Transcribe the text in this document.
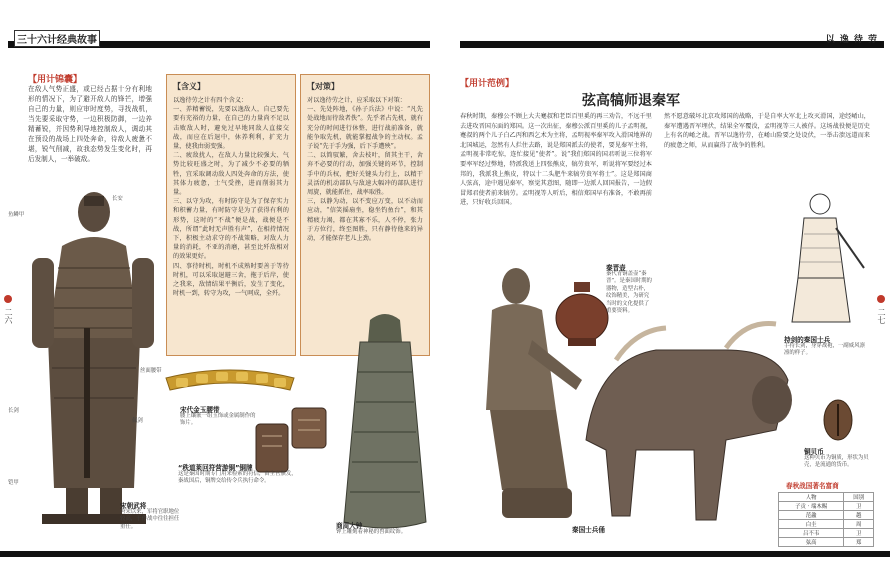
三十六计经典故事	以 逸 待 劳
二六	二七
【用计锦囊】
在敌人气势正盛，或已经占据十分有利地形的情况下，为了避开敌人的锋芒，增强自己的力量，则应审时度势，寻找战机，当先要采取守势，一边积极防御，一边养精蓄锐，并因势利导地控制敌人，调动其在预设的战场上四处奔命，待敌人疲惫不堪，锐气削减，故我态势发生变化时，再后发制人，一举破敌。
长安
鱼鳞甲
丝面腰带
长剑
佩剑
铠甲
【含义】
以逸待劳之计有四个含义：
一、养精蓄锐，先要以逸敌人，自己要先要有充裕的力量，在自己的力量尚不足以击败敌人时，避免过早地同敌人直接交战，而应在后退中，休养利利，扩充力量，使我由弱变强。
二、疲敌扰人，在敌人力量比较强大、气势比较旺盛之时，为了减少不必要的牺牲，宜采取调动敌人四处奔命的方法，使其体力疲惫，士气受挫，进而削弱其力量。
三、以守为攻，有时防守是为了保存实力和积蓄力量，有时防守是为了获得有利的形势，这时的“不战”便是战，战便是不战，所谓“此时无声胜有声”，在相持情况下，积极主动求守的不战策略，对敌人力量的消耗，不亚的消磨，甚至比歼敌相对的效果更好。
四、事待时机，时机不成熟时要善于等待时机，可以采取退避三舍，拖于后岸，使之我来，敌情结果平衡后，发生了变化，时机一到，转守为攻，一气呵成，全歼。
【对策】
对以逸待劳之计，应采取以下对策：
一、先处阵地，《孙子兵法》中说：“凡先处战地而待敌者佚”。先乎者占先机，就有充分的时间进行休整，进行战前准备，就能争取先机，就能掌握战争的主动权。孟子说“先于手为强，后下手遭殃”。
二、以简驭繁，舍去枝叶，留其主干，舍弃不必要的行动，加强关键的环节，控制手中的兵权，把好关键头力行上，以精干灵活的机动部队与敌速大幅冲的部队进行周旋，就能抓住，战率取胜。
三，以静为动，以不变应万变，以不动而应动，“信笑摇扇坐，稳坐钓鱼台”，和其精疲力竭，都在其寡不乐，人不停，张力于方位行，终至图胜，只有静待他来的异动，才能保存老儿上劲。
宋代金玉腰带
腰上镶嵌一组玉饰或金属制作的饰片。
“秩道莱回符营游铜”铜牌
这是秦国时期专门用来检索的符信，由主官颁发，秦战国后，铜牌交给传令兵执行命令。
宋朝武将
唐宋以来，军将官职地位较高，于作战中往往担任重任。	商周大钟
钟上雕刻着神秘的兽面纹饰。
【用计范例】
弦高犒师退秦军
春秋时期，秦穆公不顾上大夫蹇叔和老臣百里奚的再三劝告，不远千里去进攻晋国东面的郑国。这一次出征，秦穆公派百里奚的儿子孟明视，蹇叔的两个儿子白乙丙和西乞术为主将，孟明视率秦军攻入滑国地界的北国城运，忽然有人拦住去路，说是郑国派去的使者，要见秦军主将，孟明视非常吃惊，连忙接见“使者”。说“我们郑国的国君听说三位将军要率军经过弊地，特派我送上四张熊皮，犒劳贵军，听说将军要经过本邦的，我派我上熊皮，特以十二头肥牛来犒劳贵军将士”。这是郑国商人弦高，途中遇见秦军，察觉其意图，随即一边派人回国报告，一边假冒郑君使者前来犒劳。孟明视等人听后，相信郑国早有准备，不敢再前进，只好收兵回国。
然不愿意破坏北京攻郑国的战略，于是自率大军北上攻灭滑国，途经崤山，秦军遭遇晋军埋伏，结果全军覆没，孟明视等三人被俘。这场战役便是历史上有名的崤之战。晋军以逸待劳，在崤山险要之处设伏，一举击溃远道而来的疲惫之师，从而赢得了战争的胜利。
秦晋壶
秦代青铜盖壶“秦晋”。是秦国时期的器物，造型古朴，纹饰精美，为研究当时的文化提供了重要资料。
秦国士兵俑
持剑的秦国士兵
手持长剑，身穿战袍，一副威风凛凛的样子。
铜贝币
这种贝币为铜质，形状为贝壳，是流通的货币。
春秋战国著名富商
人物	国别
子贡 · 端木赐	卫
范蠡	越
白圭	周
吕不韦	卫
弦高	郑
